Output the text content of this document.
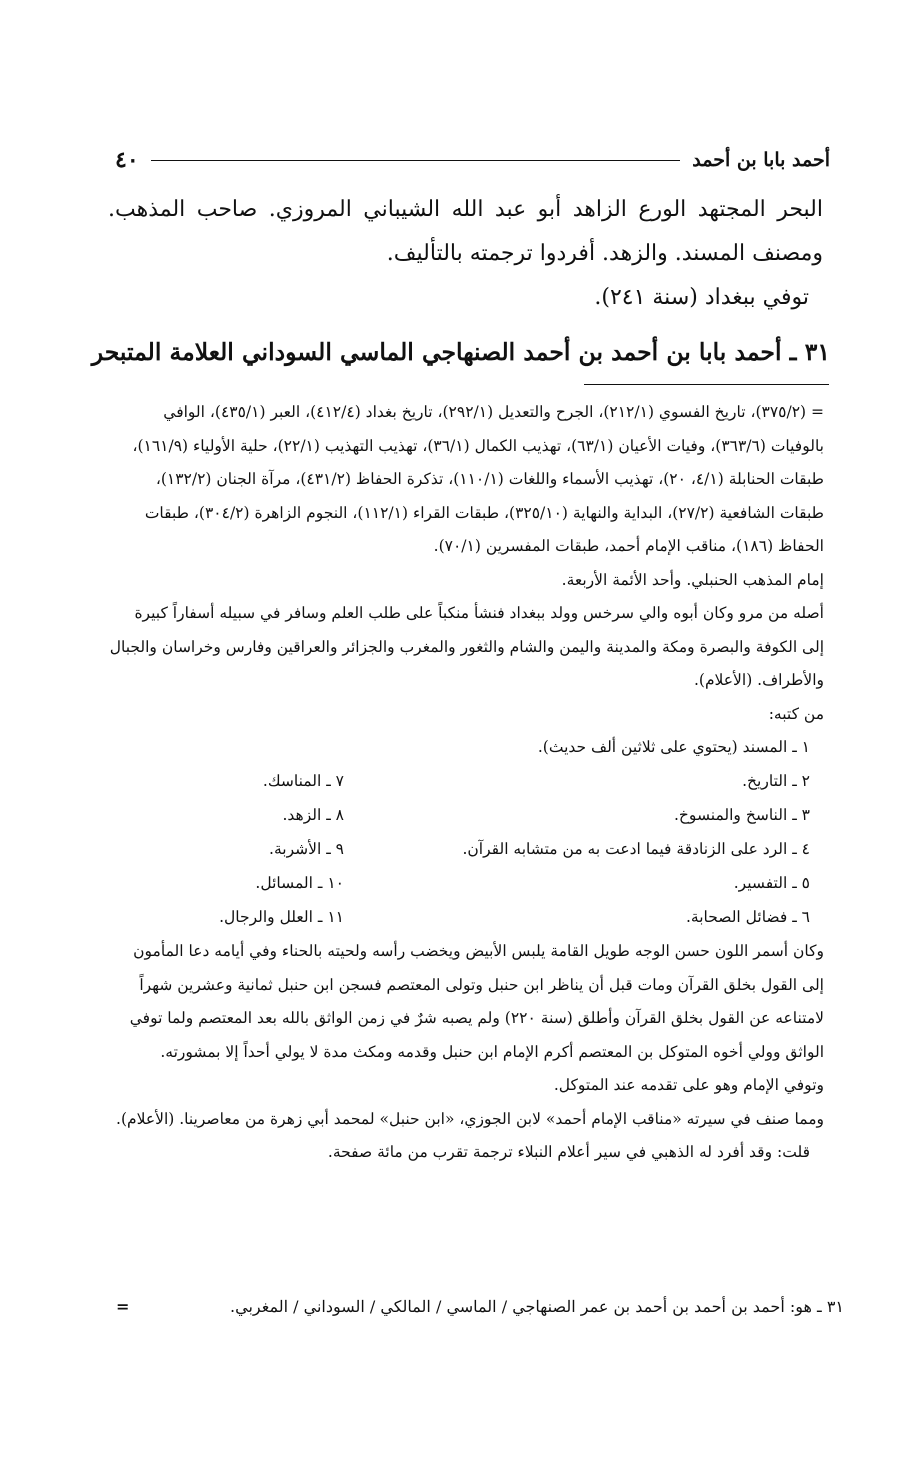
أحمد بابا بن أحمد
٤٠

البحر المجتهد الورع الزاهد أبو عبد الله الشيباني المروزي. صاحب المذهب. ومصنف المسند. والزهد. أفردوا ترجمته بالتأليف.

توفي ببغداد (سنة ٢٤١).

٣١ ـ أحمد بابا بن أحمد بن أحمد الصنهاجي الماسي السوداني العلامة المتبحر

= (٣٧٥/٢)، تاريخ الفسوي (٢١٢/١)، الجرح والتعديل (٢٩٢/١)، تاريخ بغداد (٤١٢/٤)، العبر (٤٣٥/١)، الوافي بالوفيات (٣٦٣/٦)، وفيات الأعيان (٦٣/١)، تهذيب الكمال (٣٦/١)، تهذيب التهذيب (٢٢/١)، حلية الأولياء (١٦١/٩)، طبقات الحنابلة (٤/١، ٢٠)، تهذيب الأسماء واللغات (١١٠/١)، تذكرة الحفاظ (٤٣١/٢)، مرآة الجنان (١٣٢/٢)، طبقات الشافعية (٢٧/٢)، البداية والنهاية (٣٢٥/١٠)، طبقات القراء (١١٢/١)، النجوم الزاهرة (٣٠٤/٢)، طبقات الحفاظ (١٨٦)، مناقب الإمام أحمد، طبقات المفسرين (٧٠/١).

إمام المذهب الحنبلي. وأحد الأئمة الأربعة.

أصله من مرو وكان أبوه والي سرخس وولد ببغداد فنشأ منكباً على طلب العلم وسافر في سبيله أسفاراً كبيرة إلى الكوفة والبصرة ومكة والمدينة واليمن والشام والثغور والمغرب والجزائر والعراقين وفارس وخراسان والجبال والأطراف. (الأعلام).

من كتبه:

١ ـ المسند (يحتوي على ثلاثين ألف حديث).
٢ ـ التاريخ.
٧ ـ المناسك.
٣ ـ الناسخ والمنسوخ.
٨ ـ الزهد.
٤ ـ الرد على الزنادقة فيما ادعت به من متشابه القرآن.
٩ ـ الأشربة.
٥ ـ التفسير.
١٠ ـ المسائل.
٦ ـ فضائل الصحابة.
١١ ـ العلل والرجال.

وكان أسمر اللون حسن الوجه طويل القامة يلبس الأبيض ويخضب رأسه ولحيته بالحناء وفي أيامه دعا المأمون إلى القول بخلق القرآن ومات قبل أن يناظر ابن حنبل وتولى المعتصم فسجن ابن حنبل ثمانية وعشرين شهراً لامتناعه عن القول بخلق القرآن وأطلق (سنة ٢٢٠) ولم يصبه شرٌ في زمن الواثق بالله بعد المعتصم ولما توفي الواثق وولي أخوه المتوكل بن المعتصم أكرم الإمام ابن حنبل وقدمه ومكث مدة لا يولي أحداً إلا بمشورته.

وتوفي الإمام وهو على تقدمه عند المتوكل.

ومما صنف في سيرته «مناقب الإمام أحمد» لابن الجوزي، «ابن حنبل» لمحمد أبي زهرة من معاصرينا. (الأعلام).

قلت: وقد أفرد له الذهبي في سير أعلام النبلاء ترجمة تقرب من مائة صفحة.

٣١ ـ هو: أحمد بن أحمد بن أحمد بن عمر الصنهاجي / الماسي / المالكي / السوداني / المغربي.
=
